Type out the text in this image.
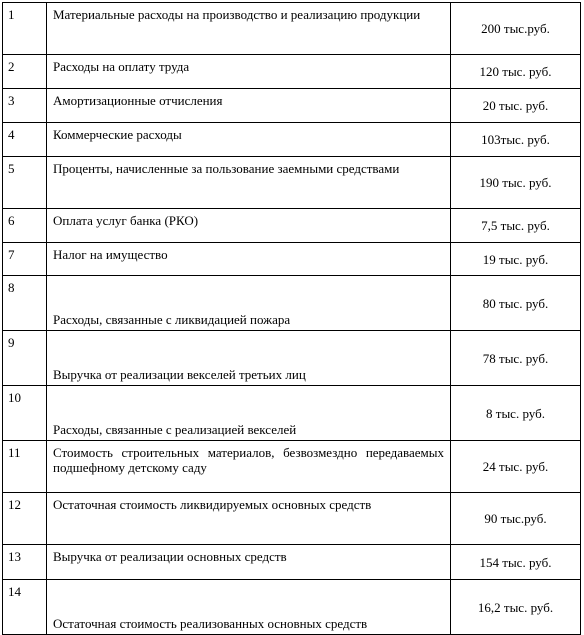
1	Материальные расходы на производство и реализацию продукции	200 тыс.руб.
2	Расходы на оплату труда	120 тыс. руб.
3	Амортизационные отчисления	20 тыс. руб.
4	Коммерческие расходы	103тыс. руб.
5	Проценты, начисленные за пользование заемными средствами	190 тыс. руб.
6	Оплата услуг банка (РКО)	7,5 тыс. руб.
7	Налог на имущество	19 тыс. руб.
8	Расходы, связанные с ликвидацией пожара	80 тыс. руб.
9	Выручка от реализации векселей третьих лиц	78 тыс. руб.
10	Расходы, связанные с реализацией векселей	8 тыс. руб.
11	Стоимость строительных материалов, безвозмездно передаваемых подшефному детскому саду	24 тыс. руб.
12	Остаточная стоимость ликвидируемых основных средств	90 тыс.руб.
13	Выручка от реализации основных средств	154 тыс. руб.
14	Остаточная стоимость реализованных основных средств	16,2 тыс. руб.
